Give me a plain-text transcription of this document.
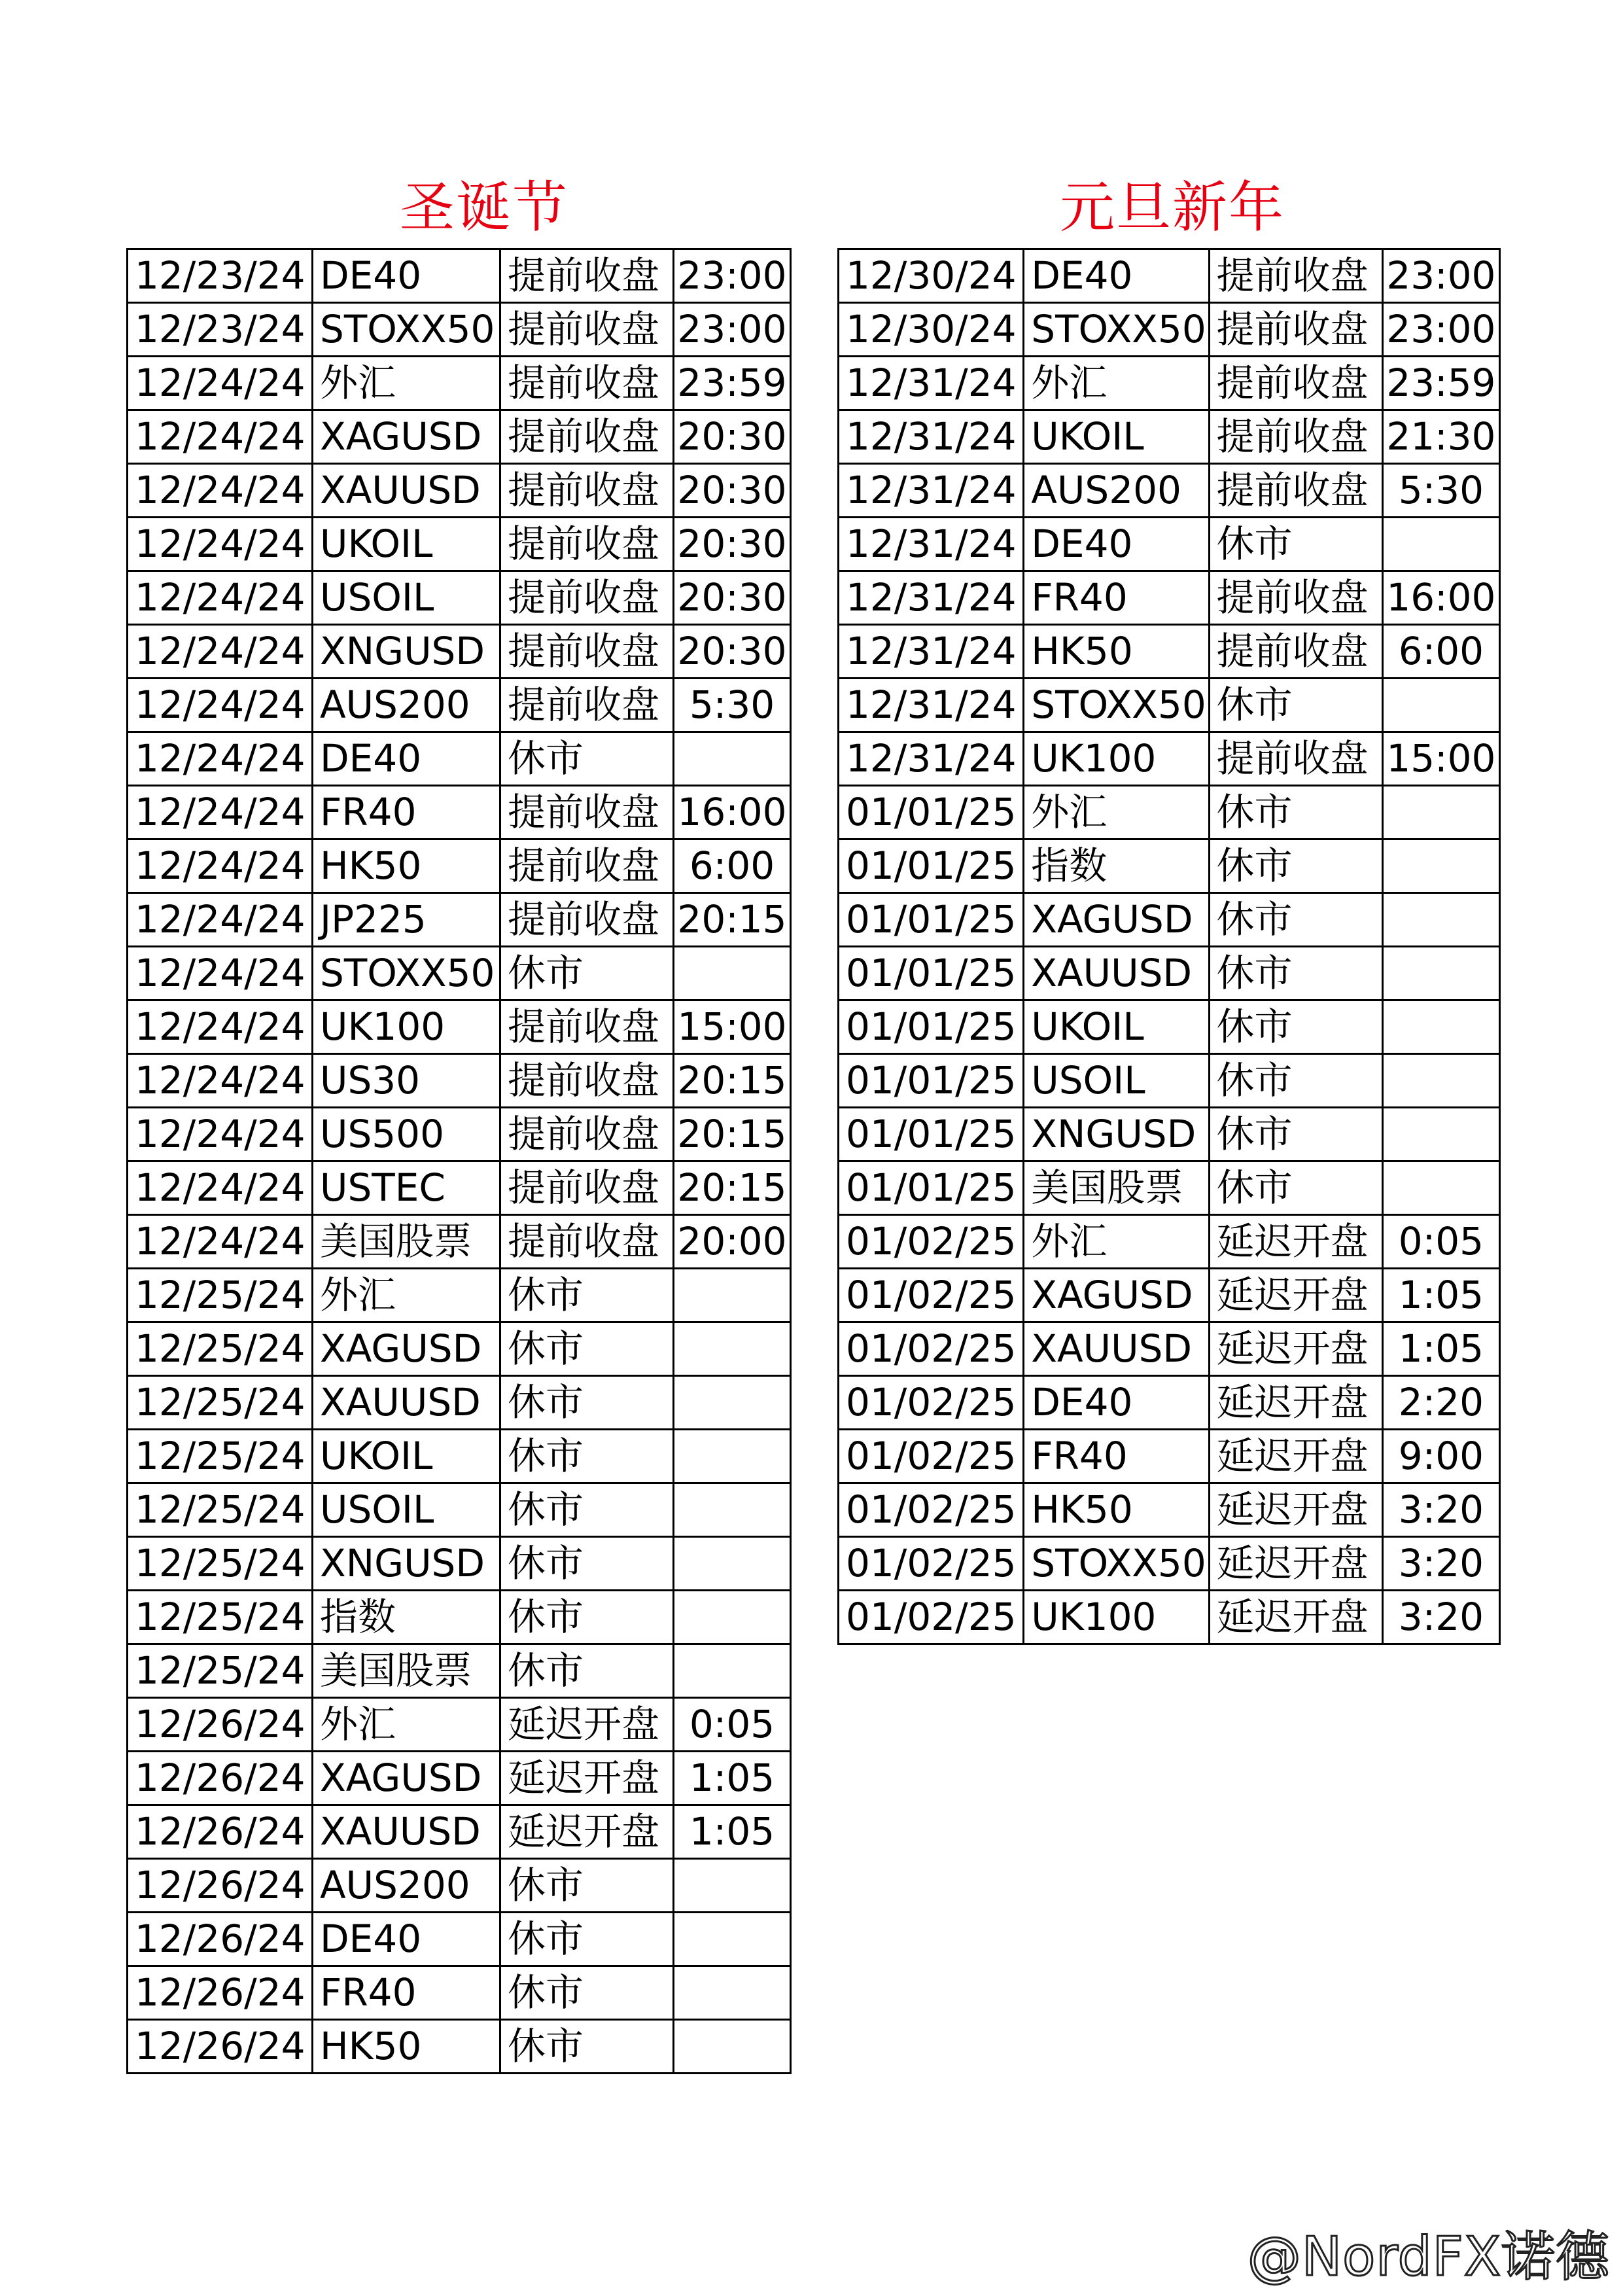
圣诞节
12/23/24	DE40	提前收盘	23:00
12/23/24	STOXX50	提前收盘	23:00
12/24/24	外汇	提前收盘	23:59
12/24/24	XAGUSD	提前收盘	20:30
12/24/24	XAUUSD	提前收盘	20:30
12/24/24	UKOIL	提前收盘	20:30
12/24/24	USOIL	提前收盘	20:30
12/24/24	XNGUSD	提前收盘	20:30
12/24/24	AUS200	提前收盘	5:30
12/24/24	DE40	休市	
12/24/24	FR40	提前收盘	16:00
12/24/24	HK50	提前收盘	6:00
12/24/24	JP225	提前收盘	20:15
12/24/24	STOXX50	休市	
12/24/24	UK100	提前收盘	15:00
12/24/24	US30	提前收盘	20:15
12/24/24	US500	提前收盘	20:15
12/24/24	USTEC	提前收盘	20:15
12/24/24	美国股票	提前收盘	20:00
12/25/24	外汇	休市	
12/25/24	XAGUSD	休市	
12/25/24	XAUUSD	休市	
12/25/24	UKOIL	休市	
12/25/24	USOIL	休市	
12/25/24	XNGUSD	休市	
12/25/24	指数	休市	
12/25/24	美国股票	休市	
12/26/24	外汇	延迟开盘	0:05
12/26/24	XAGUSD	延迟开盘	1:05
12/26/24	XAUUSD	延迟开盘	1:05
12/26/24	AUS200	休市	
12/26/24	DE40	休市	
12/26/24	FR40	休市	
12/26/24	HK50	休市	
元旦新年
12/30/24	DE40	提前收盘	23:00
12/30/24	STOXX50	提前收盘	23:00
12/31/24	外汇	提前收盘	23:59
12/31/24	UKOIL	提前收盘	21:30
12/31/24	AUS200	提前收盘	5:30
12/31/24	DE40	休市	
12/31/24	FR40	提前收盘	16:00
12/31/24	HK50	提前收盘	6:00
12/31/24	STOXX50	休市	
12/31/24	UK100	提前收盘	15:00
01/01/25	外汇	休市	
01/01/25	指数	休市	
01/01/25	XAGUSD	休市	
01/01/25	XAUUSD	休市	
01/01/25	UKOIL	休市	
01/01/25	USOIL	休市	
01/01/25	XNGUSD	休市	
01/01/25	美国股票	休市	
01/02/25	外汇	延迟开盘	0:05
01/02/25	XAGUSD	延迟开盘	1:05
01/02/25	XAUUSD	延迟开盘	1:05
01/02/25	DE40	延迟开盘	2:20
01/02/25	FR40	延迟开盘	9:00
01/02/25	HK50	延迟开盘	3:20
01/02/25	STOXX50	延迟开盘	3:20
01/02/25	UK100	延迟开盘	3:20
@NordFX诺德
